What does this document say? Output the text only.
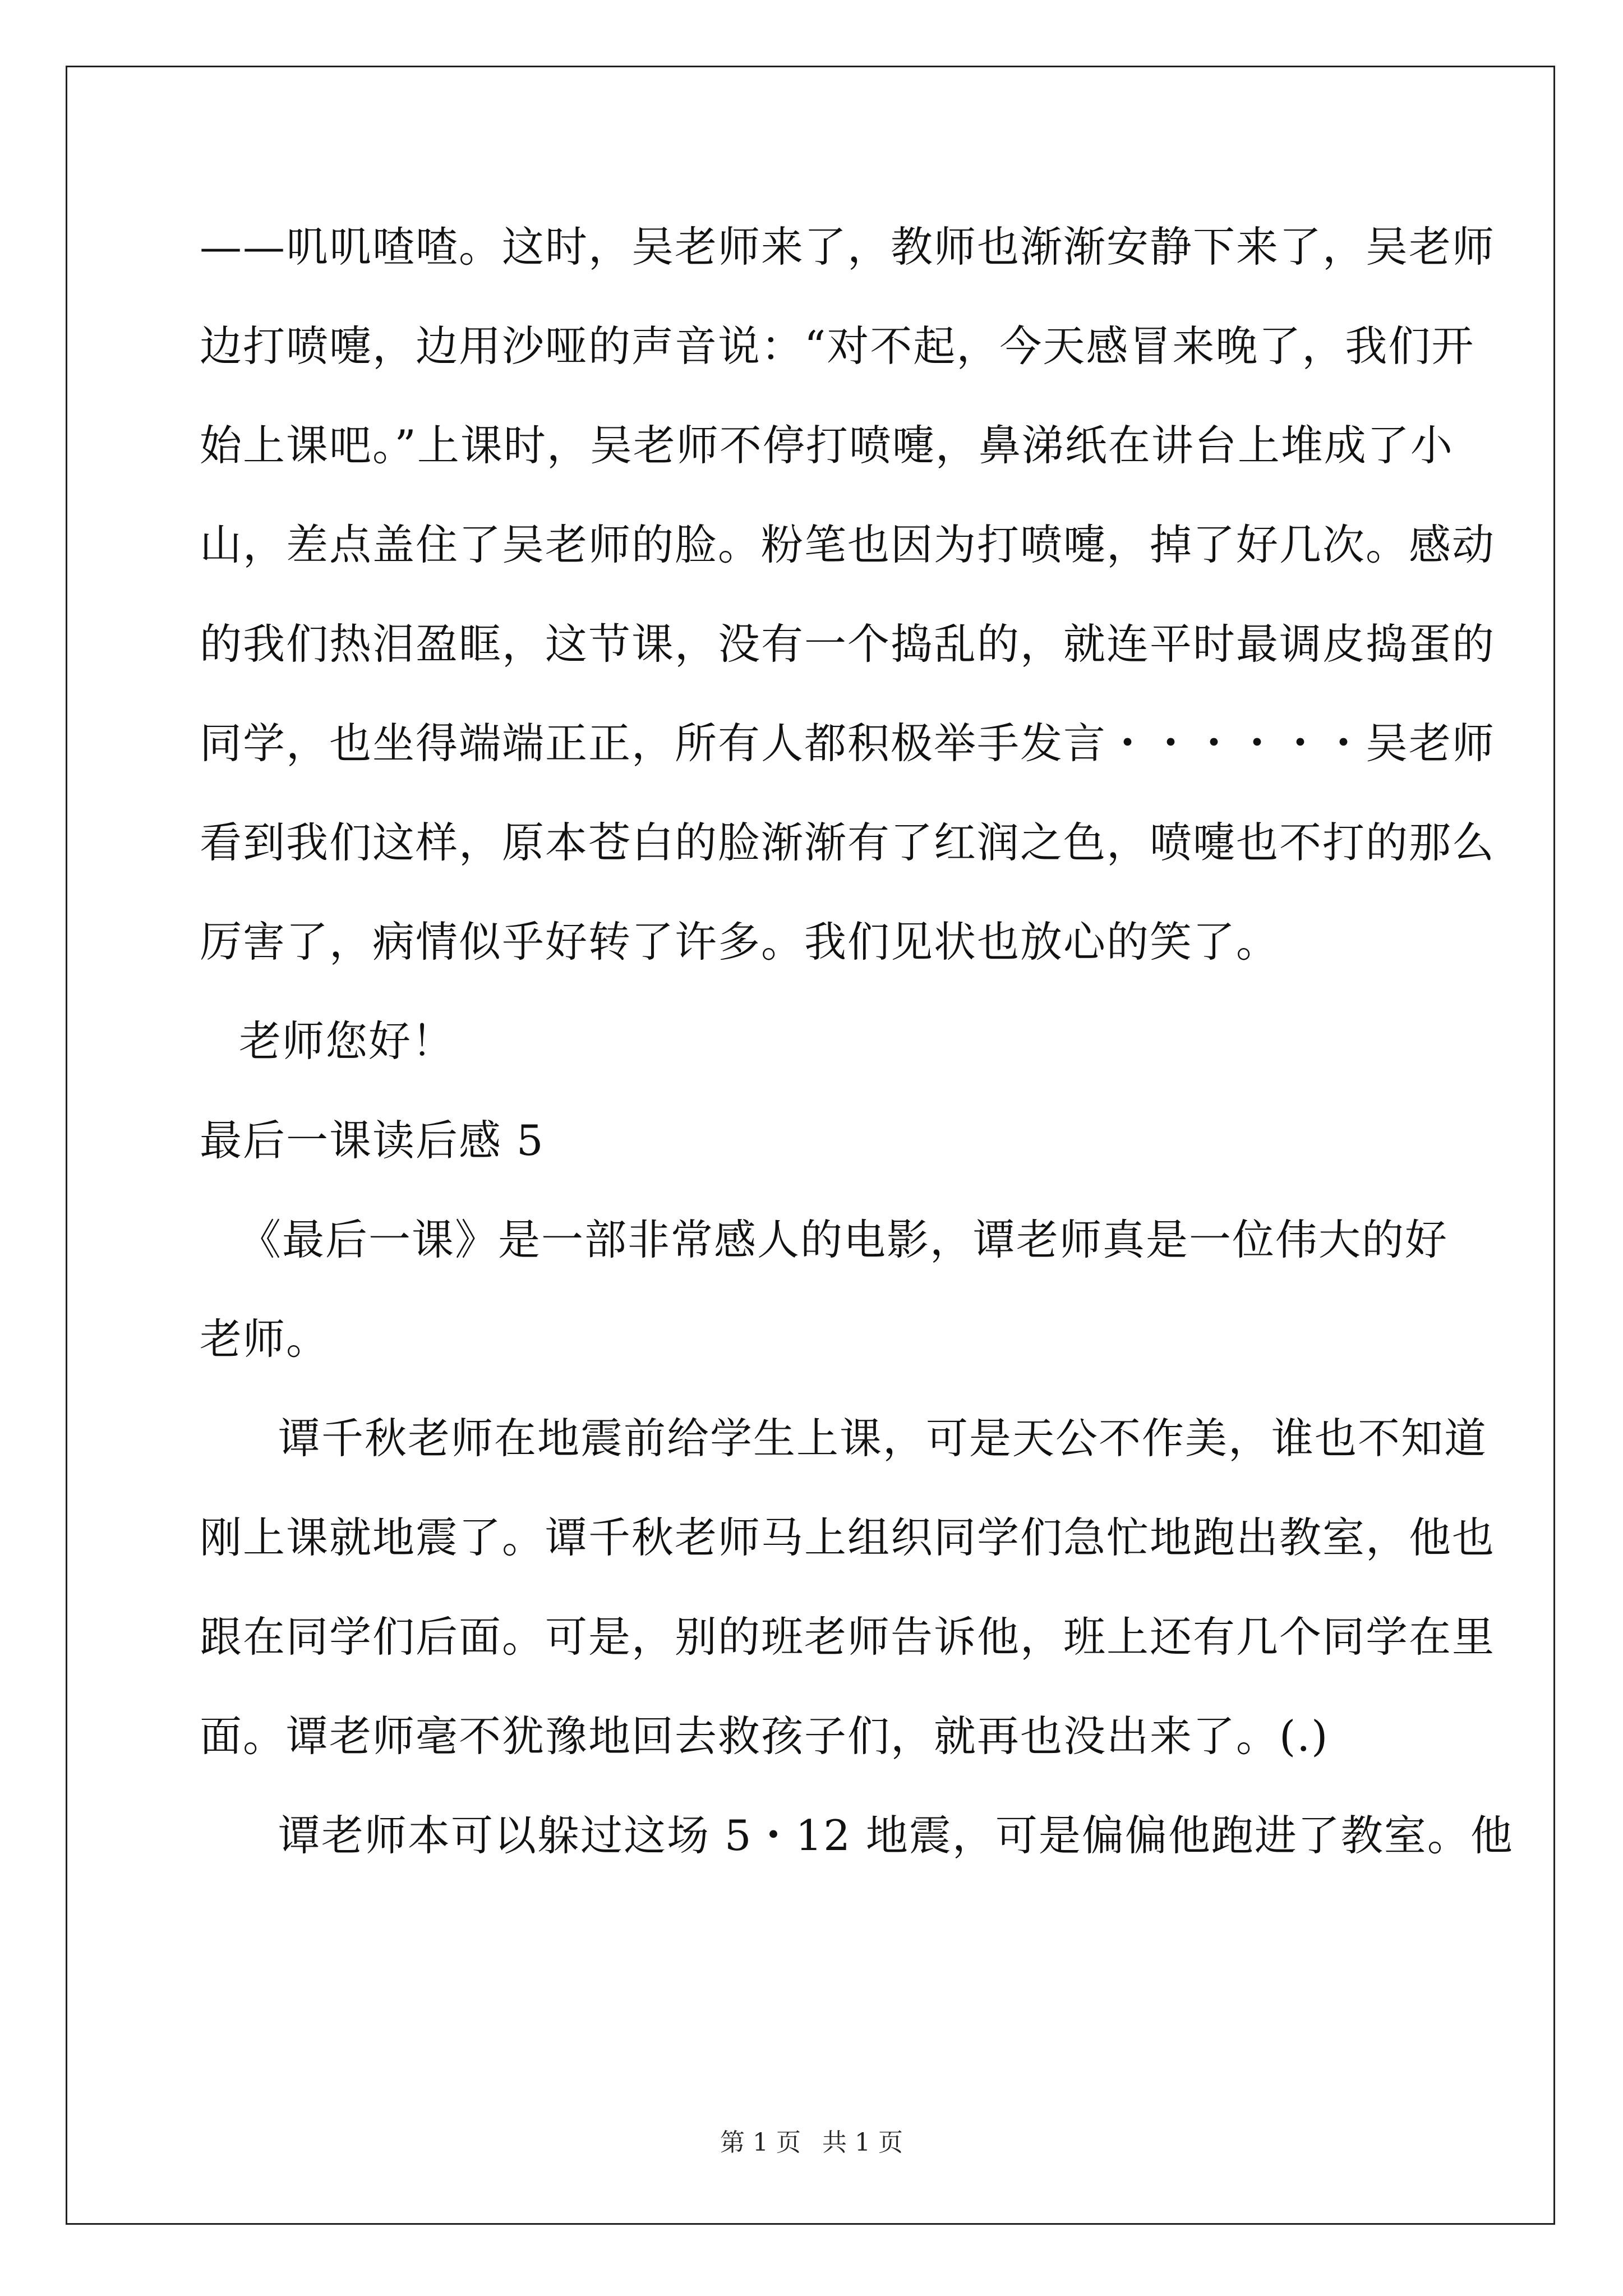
——叽叽喳喳。这时，吴老师来了，教师也渐渐安静下来了，吴老师
边打喷嚏，边用沙哑的声音说：“对不起，今天感冒来晚了，我们开
始上课吧。”上课时，吴老师不停打喷嚏，鼻涕纸在讲台上堆成了小
山，差点盖住了吴老师的脸。粉笔也因为打喷嚏，掉了好几次。感动
的我们热泪盈眶，这节课，没有一个捣乱的，就连平时最调皮捣蛋的
同学，也坐得端端正正，所有人都积极举手发言・・・・・・吴老师
看到我们这样，原本苍白的脸渐渐有了红润之色，喷嚏也不打的那么
厉害了，病情似乎好转了许多。我们见状也放心的笑了。
老师您好！
最后一课读后感 5
《最后一课》是一部非常感人的电影，谭老师真是一位伟大的好
老师。
谭千秋老师在地震前给学生上课，可是天公不作美，谁也不知道
刚上课就地震了。谭千秋老师马上组织同学们急忙地跑出教室，他也
跟在同学们后面。可是，别的班老师告诉他，班上还有几个同学在里
面。谭老师毫不犹豫地回去救孩子们，就再也没出来了。(.)
谭老师本可以躲过这场 5・12 地震，可是偏偏他跑进了教室。他
第 1 页 共 1 页
